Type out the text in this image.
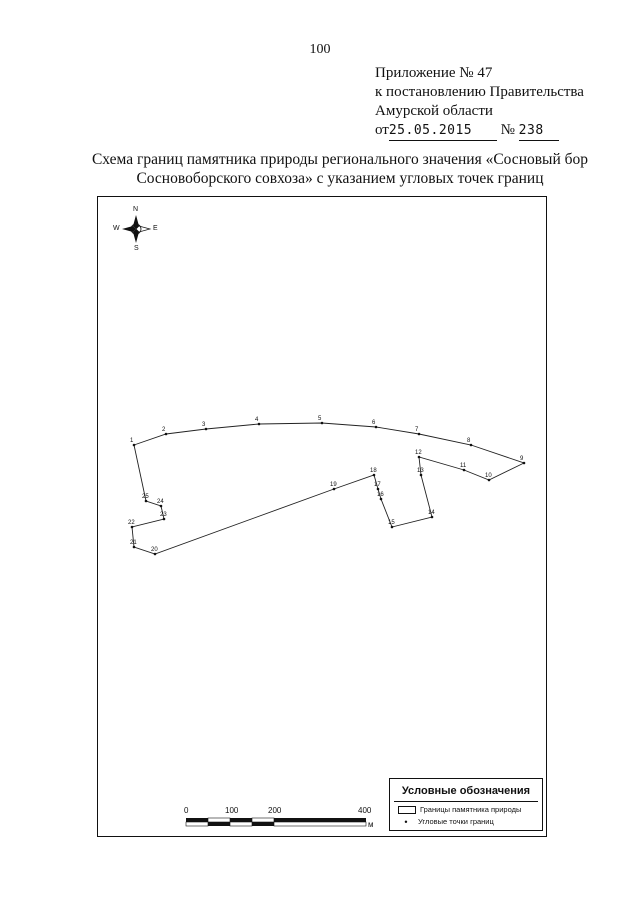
100
Приложение № 47
к постановлению Правительства
Амурской области
от25.05.2015 № 238
Схема границ памятника природы регионального значения «Сосновый бор
Сосновоборского совхоза» с указанием угловых точек границ
N
S
W	E
1
2
3
4	5
6
7
8
9
10
11
12
13
14
15
16
17
18
19
20
21
22
23
24
25
0	100	200	400
м
Условные обозначения
Границы памятника природы
• Угловые точки границ
